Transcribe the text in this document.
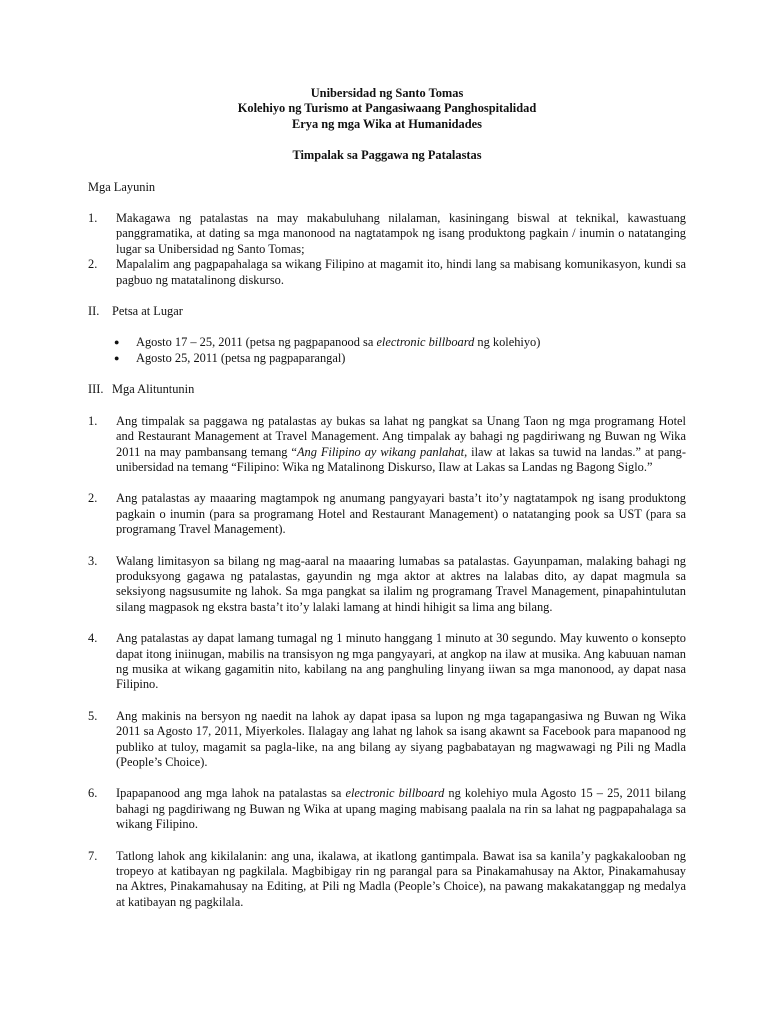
Unibersidad ng Santo Tomas
Kolehiyo ng Turismo at Pangasiwaang Panghospitalidad
Erya ng mga Wika at Humanidades
Timpalak sa Paggawa ng Patalastas
Mga Layunin
1. Makagawa ng patalastas na may makabuluhang nilalaman, kasiningang biswal at teknikal, kawastuang panggramatika, at dating sa mga manonood na nagtatampok ng isang produktong pagkain / inumin o natatanging lugar sa Unibersidad ng Santo Tomas;
2. Mapalalim ang pagpapahalaga sa wikang Filipino at magamit ito, hindi lang sa mabisang komunikasyon, kundi sa pagbuo ng matatalinong diskurso.
II. Petsa at Lugar
● Agosto 17 – 25, 2011 (petsa ng pagpapanood sa electronic billboard ng kolehiyo)
● Agosto 25, 2011 (petsa ng pagpaparangal)
III. Mga Alituntunin
1. Ang timpalak sa paggawa ng patalastas ay bukas sa lahat ng pangkat sa Unang Taon ng mga programang Hotel and Restaurant Management at Travel Management. Ang timpalak ay bahagi ng pagdiriwang ng Buwan ng Wika 2011 na may pambansang temang “Ang Filipino ay wikang panlahat, ilaw at lakas sa tuwid na landas.” at pang-unibersidad na temang “Filipino: Wika ng Matalinong Diskurso, Ilaw at Lakas sa Landas ng Bagong Siglo.”
2. Ang patalastas ay maaaring magtampok ng anumang pangyayari basta’t ito’y nagtatampok ng isang produktong pagkain o inumin (para sa programang Hotel and Restaurant Management) o natatanging pook sa UST (para sa programang Travel Management).
3. Walang limitasyon sa bilang ng mag-aaral na maaaring lumabas sa patalastas. Gayunpaman, malaking bahagi ng produksyong gagawa ng patalastas, gayundin ng mga aktor at aktres na lalabas dito, ay dapat magmula sa seksiyong nagsusumite ng lahok. Sa mga pangkat sa ilalim ng programang Travel Management, pinapahintulutan silang magpasok ng ekstra basta’t ito’y lalaki lamang at hindi hihigit sa lima ang bilang.
4. Ang patalastas ay dapat lamang tumagal ng 1 minuto hanggang 1 minuto at 30 segundo. May kuwento o konsepto dapat itong iniinugan, mabilis na transisyon ng mga pangyayari, at angkop na ilaw at musika. Ang kabuuan naman ng musika at wikang gagamitin nito, kabilang na ang panghuling linyang iiwan sa mga manonood, ay dapat nasa Filipino.
5. Ang makinis na bersyon ng naedit na lahok ay dapat ipasa sa lupon ng mga tagapangasiwa ng Buwan ng Wika 2011 sa Agosto 17, 2011, Miyerkoles. Ilalagay ang lahat ng lahok sa isang akawnt sa Facebook para mapanood ng publiko at tuloy, magamit sa pagla-like, na ang bilang ay siyang pagbabatayan ng magwawagi ng Pili ng Madla (People’s Choice).
6. Ipapapanood ang mga lahok na patalastas sa electronic billboard ng kolehiyo mula Agosto 15 – 25, 2011 bilang bahagi ng pagdiriwang ng Buwan ng Wika at upang maging mabisang paalala na rin sa lahat ng pagpapahalaga sa wikang Filipino.
7. Tatlong lahok ang kikilalanin: ang una, ikalawa, at ikatlong gantimpala. Bawat isa sa kanila’y pagkakalooban ng tropeyo at katibayan ng pagkilala. Magbibigay rin ng parangal para sa Pinakamahusay na Aktor, Pinakamahusay na Aktres, Pinakamahusay na Editing, at Pili ng Madla (People’s Choice), na pawang makakatanggap ng medalya at katibayan ng pagkilala.
